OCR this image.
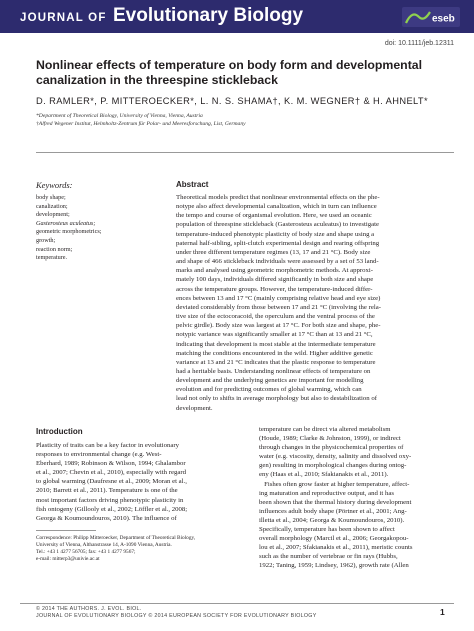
JOURNAL OF Evolutionary Biology	eseb
doi: 10.1111/jeb.12311
Nonlinear effects of temperature on body form and developmental
canalization in the threespine stickleback
D. RAMLER*, P. MITTEROECKER*, L. N. S. SHAMA†, K. M. WEGNER† & H. AHNELT*
*Department of Theoretical Biology, University of Vienna, Vienna, Austria
†Alfred Wegener Institut, Helmholtz-Zentrum für Polar- und Meeresforschung, List, Germany
Keywords:
body shape;
canalization;
development;
Gasterosteus aculeatus;
geometric morphometrics;
growth;
reaction norm;
temperature.
Abstract
Theoretical models predict that nonlinear environmental effects on the phe-
notype also affect developmental canalization, which in turn can influence
the tempo and course of organismal evolution. Here, we used an oceanic
population of threespine stickleback (Gasterosteus aculeatus) to investigate
temperature-induced phenotypic plasticity of body size and shape using a
paternal half-sibling, split-clutch experimental design and rearing offspring
under three different temperature regimes (13, 17 and 21 °C). Body size
and shape of 466 stickleback individuals were assessed by a set of 53 land-
marks and analysed using geometric morphometric methods. At approxi-
mately 100 days, individuals differed significantly in both size and shape
across the temperature groups. However, the temperature-induced differ-
ences between 13 and 17 °C (mainly comprising relative head and eye size)
deviated considerably from those between 17 and 21 °C (involving the rela-
tive size of the ectocoracoid, the operculum and the ventral process of the
pelvic girdle). Body size was largest at 17 °C. For both size and shape, phe-
notypic variance was significantly smaller at 17 °C than at 13 and 21 °C,
indicating that development is most stable at the intermediate temperature
matching the conditions encountered in the wild. Higher additive genetic
variance at 13 and 21 °C indicates that the plastic response to temperature
had a heritable basis. Understanding nonlinear effects of temperature on
development and the underlying genetics are important for modelling
evolution and for predicting outcomes of global warming, which can
lead not only to shifts in average morphology but also to destabilization of
development.
Introduction
Plasticity of traits can be a key factor in evolutionary
responses to environmental change (e.g. West-
Eberhard, 1989; Robinson & Wilson, 1994; Ghalambor
et al., 2007; Chevin et al., 2010), especially with regard
to global warming (Daufresne et al., 2009; Moran et al.,
2010; Barrett et al., 2011). Temperature is one of the
most important factors driving phenotypic plasticity in
fish ontogeny (Gillooly et al., 2002; Löffler et al., 2008;
Georga & Koumoundouros, 2010). The influence of
Correspondence: Philipp Mitteroecker, Department of Theoretical Biology,
University of Vienna, Althanstrasse 14, A-1090 Vienna, Austria.
Tel.: +43 1 4277 56705; fax: +43 1 4277 9567;
e-mail: mitterp3@univie.ac.at
temperature can be direct via altered metabolism
(Houde, 1989; Clarke & Johnston, 1999), or indirect
through changes in the physicochemical properties of
water (e.g. viscosity, density, salinity and dissolved oxy-
gen) resulting in morphological changes during ontog-
eny (Haas et al., 2010; Sfakianakis et al., 2011).
Fishes often grow faster at higher temperature, affect-
ing maturation and reproductive output, and it has
been shown that the thermal history during development
influences adult body shape (Pörtner et al., 2001; Ang-
illetta et al., 2004; Georga & Koumoundouros, 2010).
Specifically, temperature has been shown to affect
overall morphology (Marcil et al., 2006; Georgakopou-
lou et al., 2007; Sfakianakis et al., 2011), meristic counts
such as the number of vertebrae or fin rays (Hubbs,
1922; Taning, 1959; Lindsey, 1962), growth rate (Allen
© 2014 THE AUTHORS. J. EVOL. BIOL.
JOURNAL OF EVOLUTIONARY BIOLOGY © 2014 EUROPEAN SOCIETY FOR EVOLUTIONARY BIOLOGY	1
